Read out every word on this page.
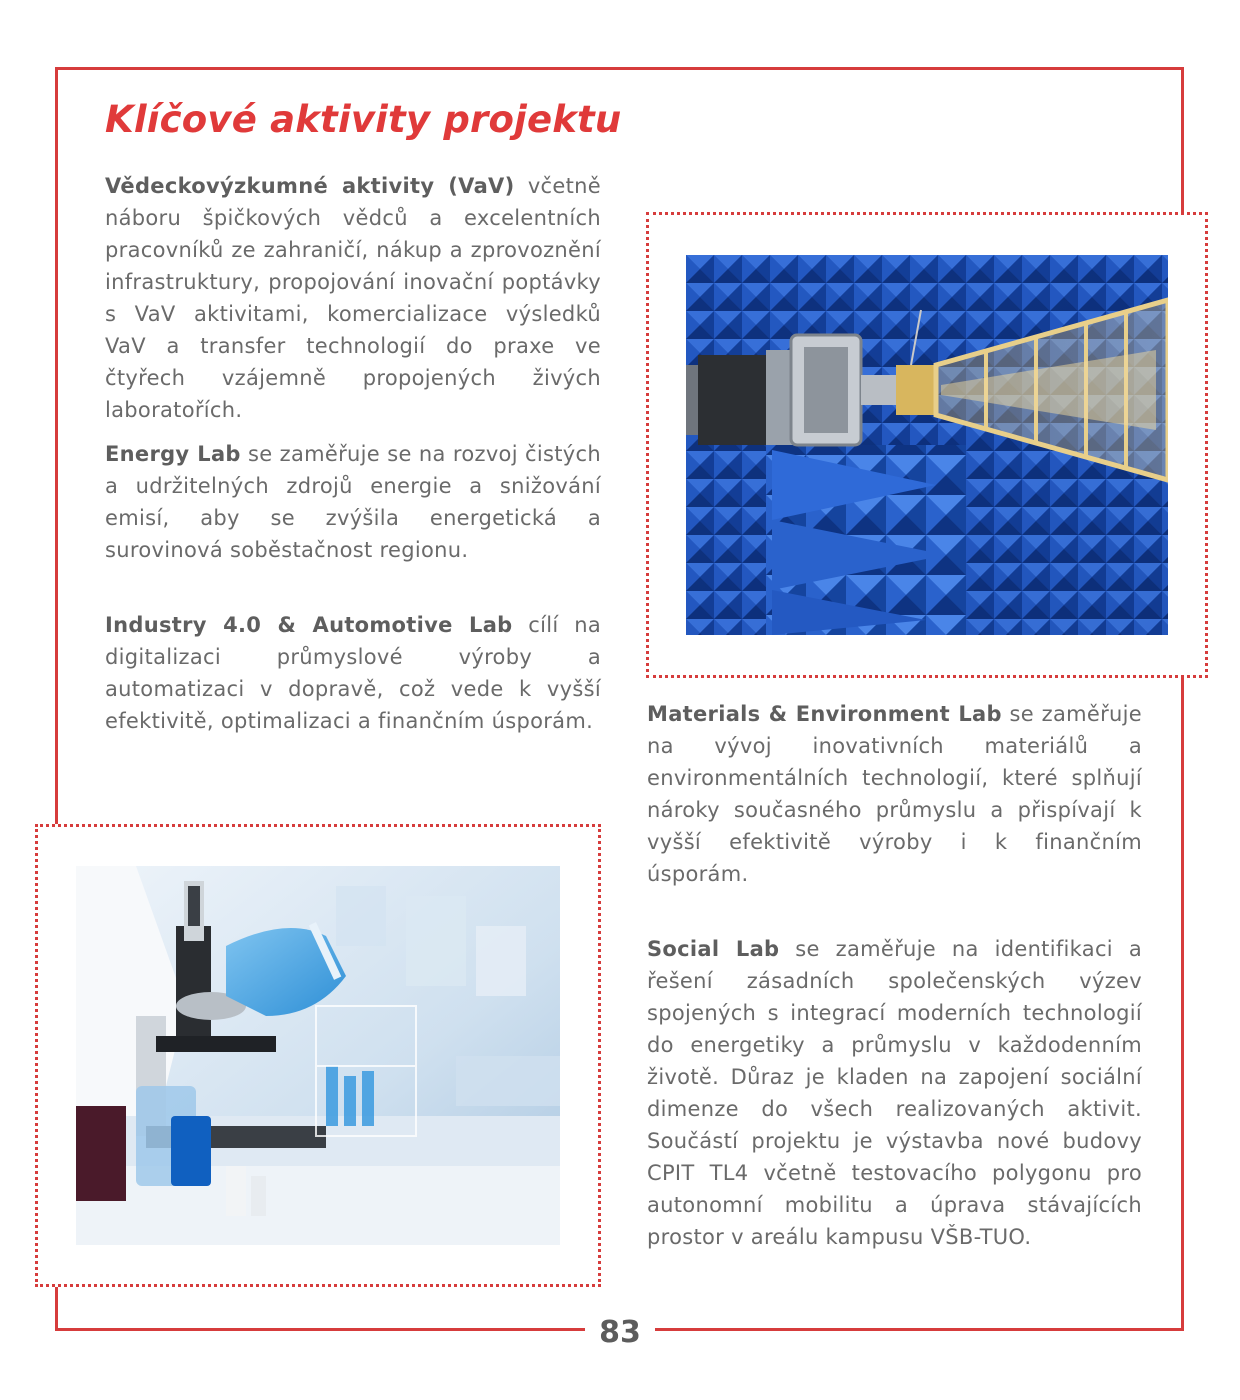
Klíčové aktivity projektu

Vědeckovýzkumné aktivity (VaV) včetně náboru špičkových vědců a excelentních pracovníků ze zahraničí, nákup a zprovoznění infrastruktury, propojování inovační poptávky s VaV aktivitami, komercializace výsledků VaV a transfer technologií do praxe ve čtyřech vzájemně propojených živých laboratořích.

Energy Lab se zaměřuje se na rozvoj čistých a udržitelných zdrojů energie a snižování emisí, aby se zvýšila energetická a surovinová soběstačnost regionu.

Industry 4.0 & Automotive Lab cílí na digitalizaci průmyslové výroby a automatizaci v dopravě, což vede k vyšší efektivitě, optimalizaci a finančním úsporám.	Materials & Environment Lab se zaměřuje na vývoj inovativních materiálů a environmentálních technologií, které splňují nároky současného průmyslu a přispívají k vyšší efektivitě výroby i k finančním úsporám.

Social Lab se zaměřuje na identifikaci a řešení zásadních společenských výzev spojených s integrací moderních technologií do energetiky a průmyslu v každodenním životě. Důraz je kladen na zapojení sociální dimenze do všech realizovaných aktivit. Součástí projektu je výstavba nové budovy CPIT TL4 včetně testovacího polygonu pro autonomní mobilitu a úprava stávajících prostor v areálu kampusu VŠB-TUO.

83
